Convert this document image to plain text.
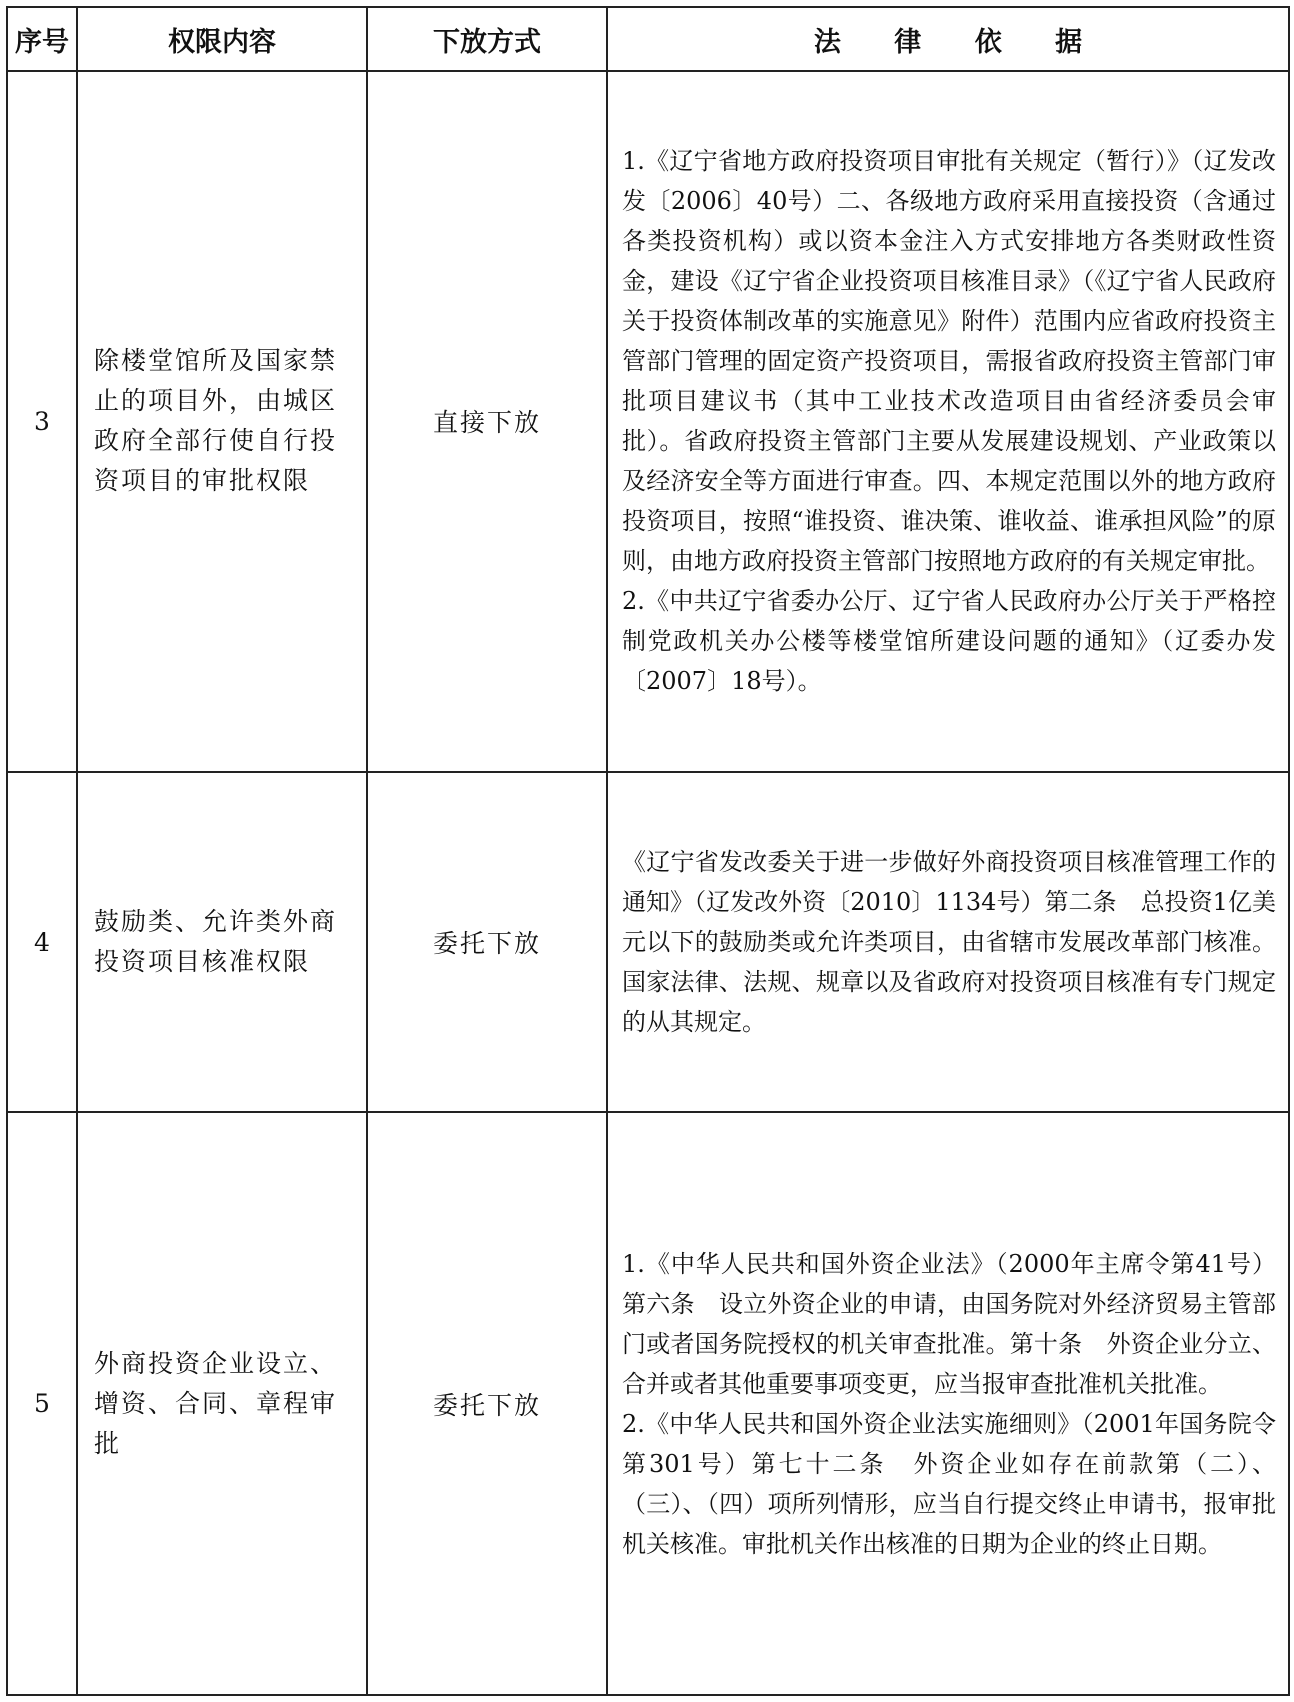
序号	权限内容	下放方式	法 律 依 据
3	除楼堂馆所及国家禁止的项目外，由城区政府全部行使自行投资项目的审批权限	直接下放	1.《辽宁省地方政府投资项目审批有关规定（暂行）》（辽发改发〔2006〕40号）二、各级地方政府采用直接投资（含通过各类投资机构）或以资本金注入方式安排地方各类财政性资金，建设《辽宁省企业投资项目核准目录》（《辽宁省人民政府关于投资体制改革的实施意见》附件）范围内应省政府投资主管部门管理的固定资产投资项目，需报省政府投资主管部门审批项目建议书（其中工业技术改造项目由省经济委员会审批）。省政府投资主管部门主要从发展建设规划、产业政策以及经济安全等方面进行审查。四、本规定范围以外的地方政府投资项目，按照“谁投资、谁决策、谁收益、谁承担风险”的原则，由地方政府投资主管部门按照地方政府的有关规定审批。

2.《中共辽宁省委办公厅、辽宁省人民政府办公厅关于严格控制党政机关办公楼等楼堂馆所建设问题的通知》（辽委办发〔2007〕18号）。

4	鼓励类、允许类外商投资项目核准权限	委托下放	《辽宁省发改委关于进一步做好外商投资项目核准管理工作的通知》（辽发改外资〔2010〕1134号）第二条　总投资1亿美元以下的鼓励类或允许类项目，由省辖市发展改革部门核准。国家法律、法规、规章以及省政府对投资项目核准有专门规定的从其规定。

5	外商投资企业设立、增资、合同、章程审批	委托下放	1.《中华人民共和国外资企业法》（2000年主席令第41号）第六条　设立外资企业的申请，由国务院对外经济贸易主管部门或者国务院授权的机关审查批准。第十条　外资企业分立、合并或者其他重要事项变更，应当报审查批准机关批准。

2.《中华人民共和国外资企业法实施细则》（2001年国务院令第301号）第七十二条　外资企业如存在前款第（二）、（三）、（四）项所列情形，应当自行提交终止申请书，报审批机关核准。审批机关作出核准的日期为企业的终止日期。
